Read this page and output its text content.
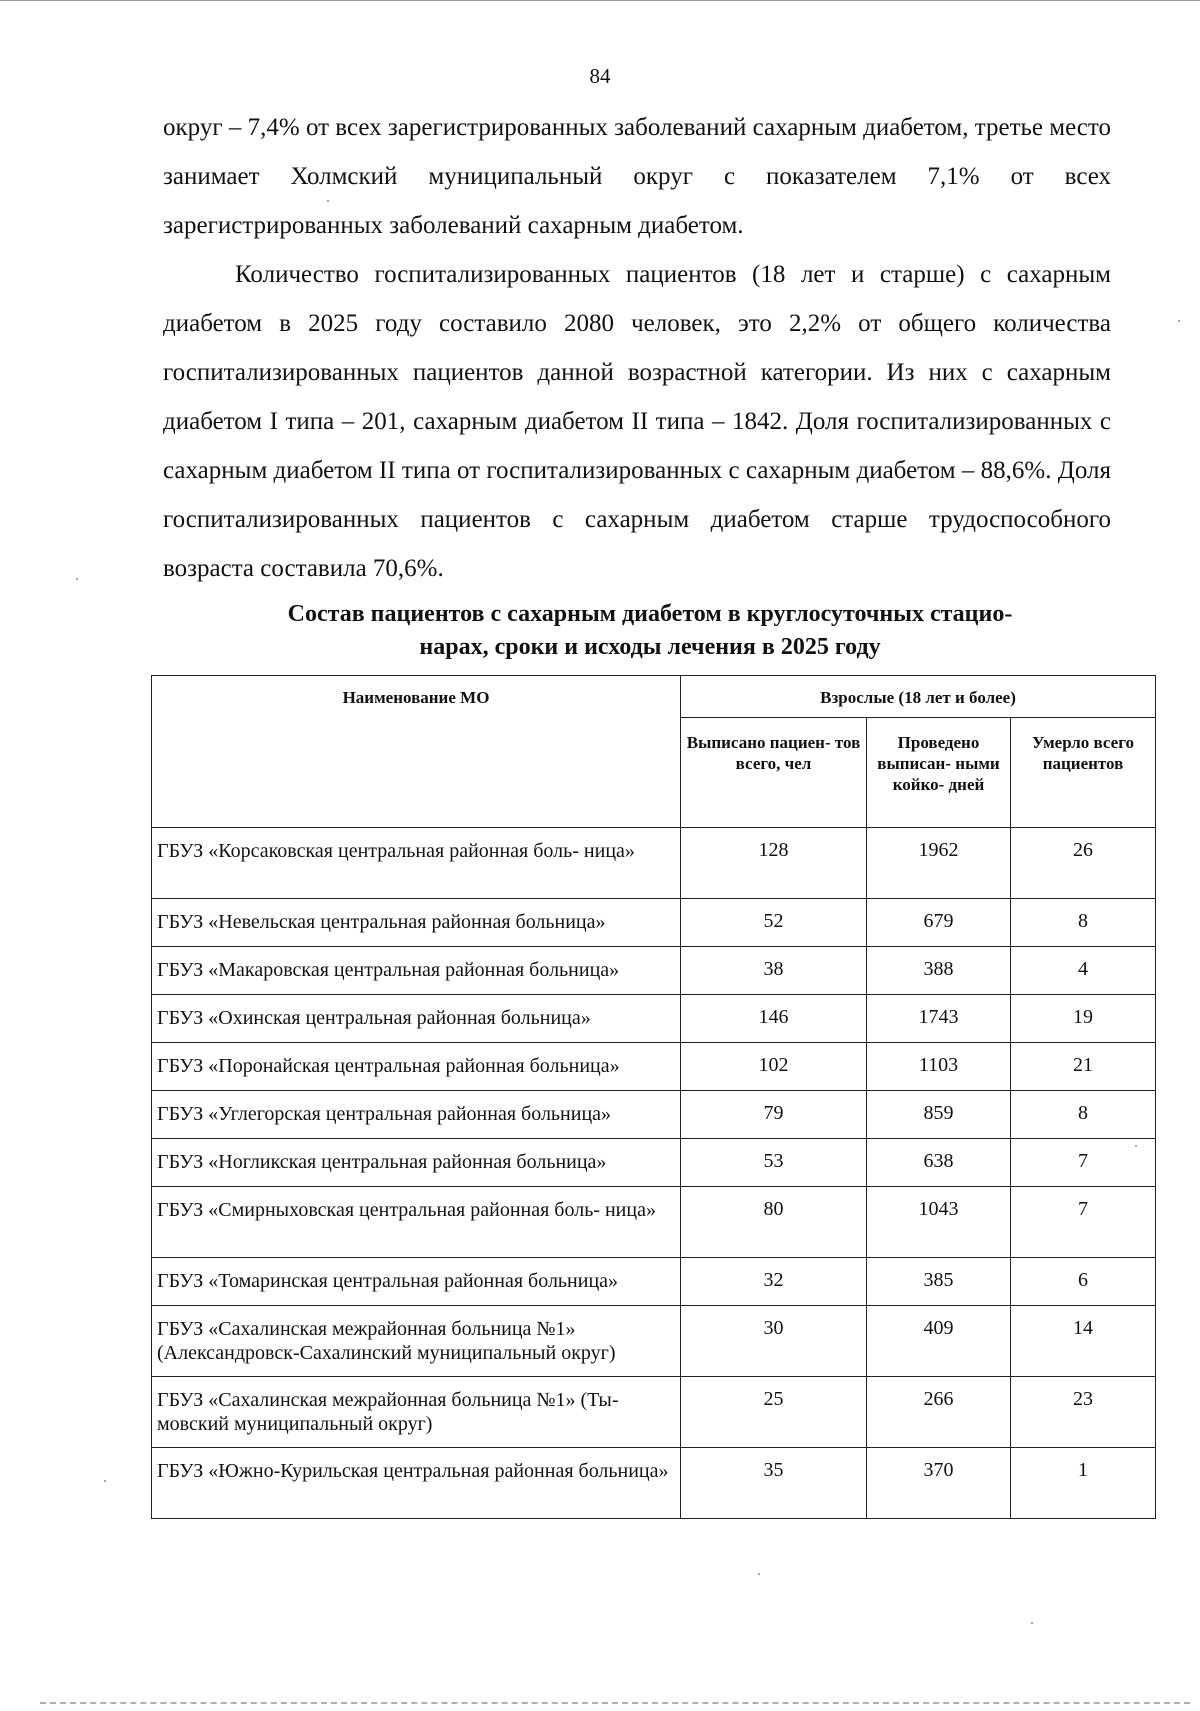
84

округ – 7,4% от всех зарегистрированных заболеваний сахарным диабетом, третье место занимает Холмский муниципальный округ с показателем 7,1% от всех зарегистрированных заболеваний сахарным диабетом.

Количество госпитализированных пациентов (18 лет и старше) с сахарным диабетом в 2025 году составило 2080 человек, это 2,2% от общего количества госпитализированных пациентов данной возрастной категории. Из них с сахарным диабетом I типа – 201, сахарным диабетом II типа – 1842. Доля госпитализированных с сахарным диабетом II типа от госпитализированных с сахарным диабетом – 88,6%. Доля госпитализированных пациентов с сахарным диабетом старше трудоспособного возраста составила 70,6%.

Состав пациентов с сахарным диабетом в круглосуточных стацио-
нарах, сроки и исходы лечения в 2025 году
Наименование МО	Взрослые (18 лет и более)		
	Выписано пациен- тов всего, чел	Проведено выписан- ными койко- дней	Умерло всего пациентов
ГБУЗ «Корсаковская центральная районная боль- ница»	128	1962	26
ГБУЗ «Невельская центральная районная больница»	52	679	8
ГБУЗ «Макаровская центральная районная больница»	38	388	4
ГБУЗ «Охинская центральная районная больница»	146	1743	19
ГБУЗ «Поронайская центральная районная больница»	102	1103	21
ГБУЗ «Углегорская центральная районная больница»	79	859	8
ГБУЗ «Ногликская центральная районная больница»	53	638	7
ГБУЗ «Смирныховская центральная районная боль- ница»	80	1043	7
ГБУЗ «Томаринская центральная районная больница»	32	385	6
ГБУЗ «Сахалинская межрайонная больница №1» (Александровск-Сахалинский муниципальный округ)	30	409	14
ГБУЗ «Сахалинская межрайонная больница №1» (Ты- мовский муниципальный округ)	25	266	23
ГБУЗ «Южно-Курильская центральная районная больница»	35	370	1
